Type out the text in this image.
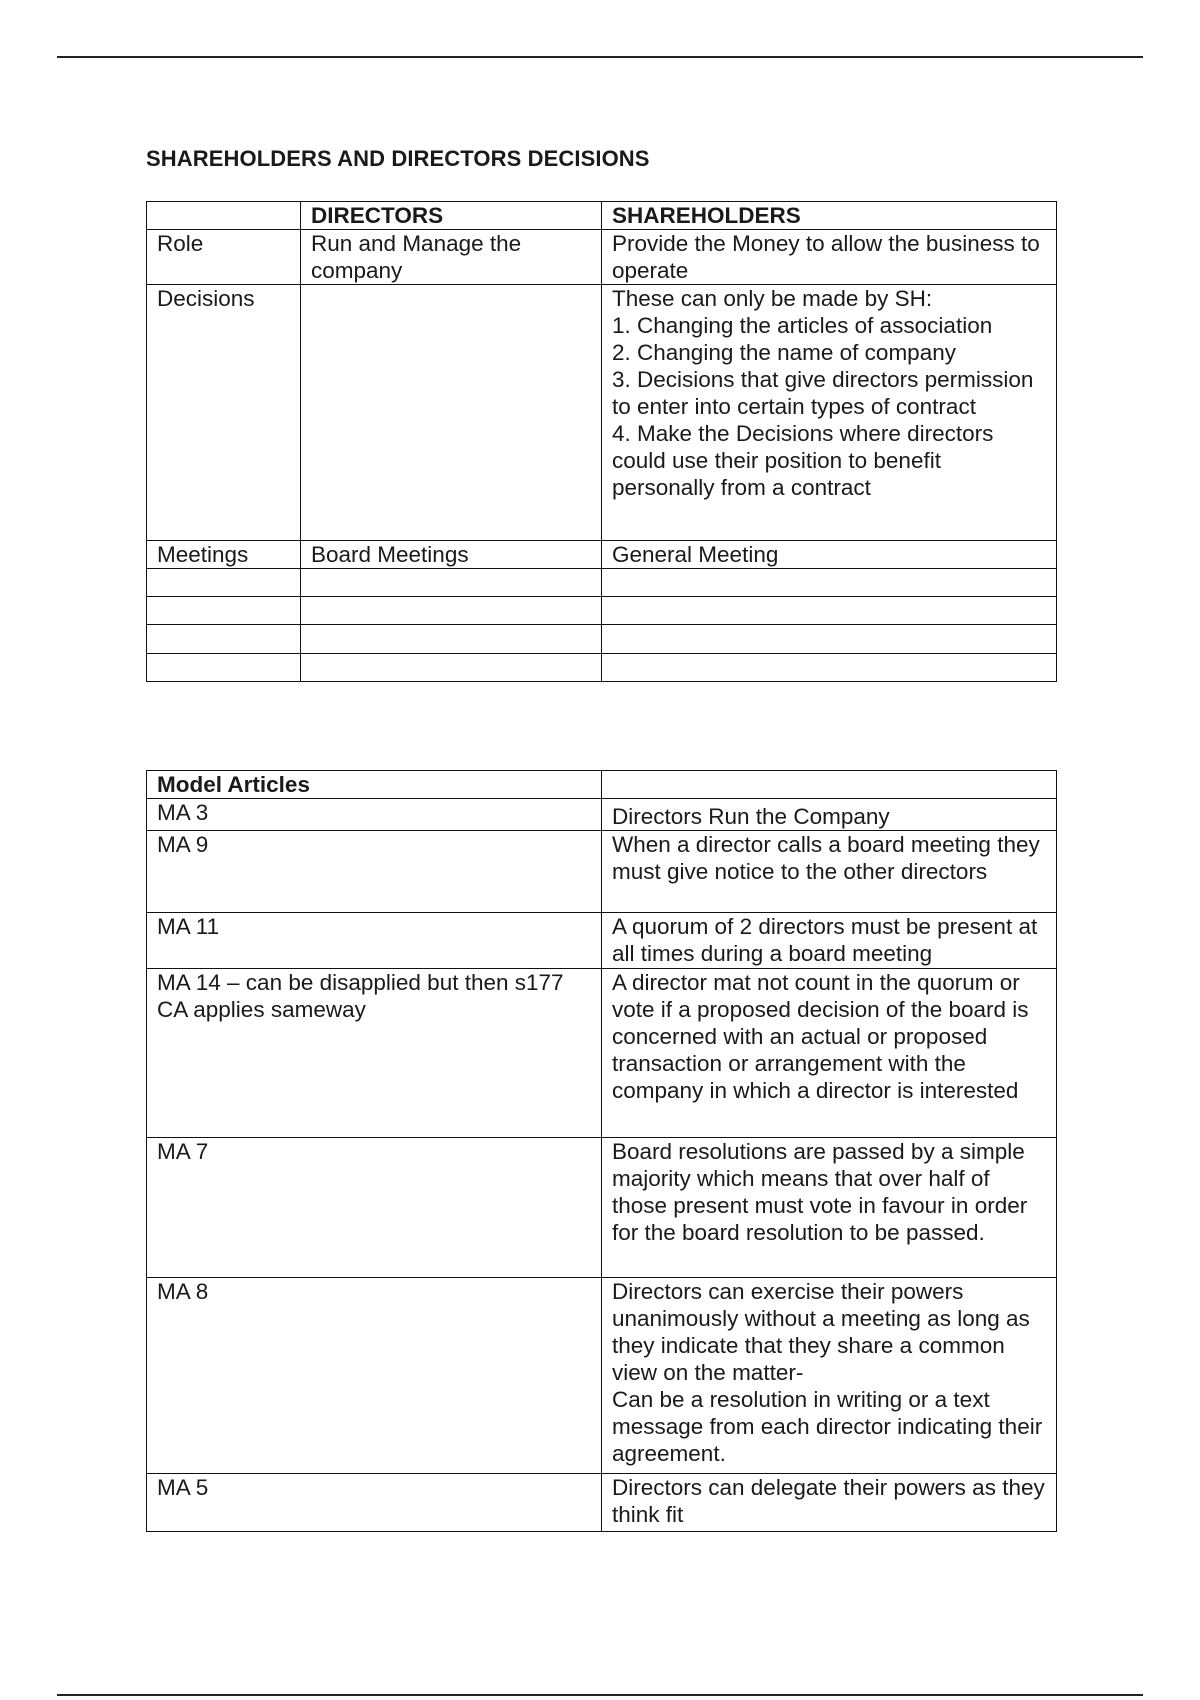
SHAREHOLDERS AND DIRECTORS DECISIONS
	DIRECTORS	SHAREHOLDERS
Role	Run and Manage the company	Provide the Money to allow the business to operate

Decisions		These can only be made by SH:
1. Changing the articles of association
2. Changing the name of company
3. Decisions that give directors permission to enter into certain types of contract
4. Make the Decisions where directors could use their position to benefit personally from a contract

Meetings	Board Meetings	General Meeting

Model Articles	
MA 3	Directors Run the Company

MA 9	When a director calls a board meeting they must give notice to the other directors

MA 11	A quorum of 2 directors must be present at all times during a board meeting

MA 14 – can be disapplied but then s177 CA applies sameway	A director mat not count in the quorum or vote if a proposed decision of the board is concerned with an actual or proposed transaction or arrangement with the company in which a director is interested

MA 7	Board resolutions are passed by a simple majority which means that over half of those present must vote in favour in order for the board resolution to be passed.

MA 8	Directors can exercise their powers unanimously without a meeting as long as they indicate that they share a common view on the matter-
Can be a resolution in writing or a text message from each director indicating their agreement.

MA 5	Directors can delegate their powers as they think fit
